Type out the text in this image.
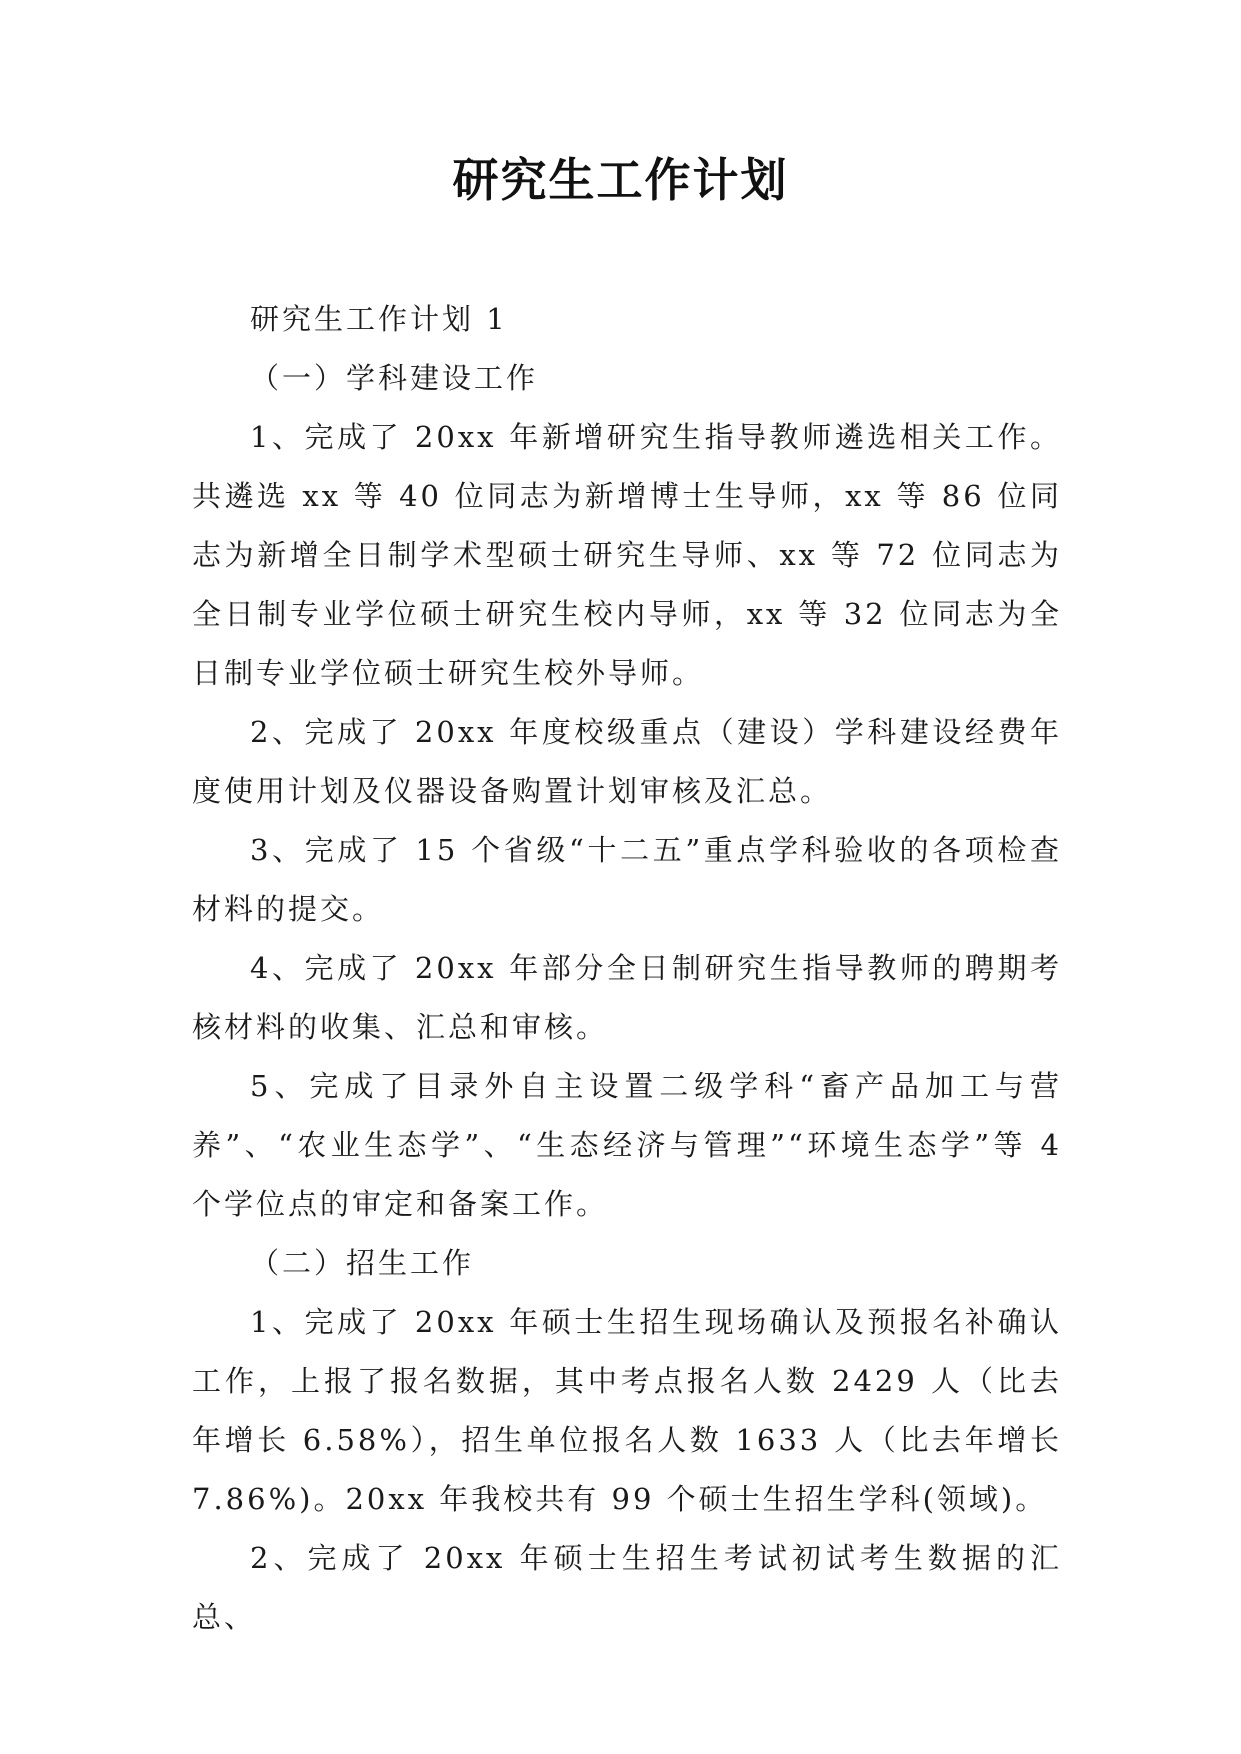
研究生工作计划

研究生工作计划 1

（一）学科建设工作

1、完成了 20xx 年新增研究生指导教师遴选相关工作。共遴选 xx 等 40 位同志为新增博士生导师，xx 等 86 位同志为新增全日制学术型硕士研究生导师、xx 等 72 位同志为全日制专业学位硕士研究生校内导师，xx 等 32 位同志为全日制专业学位硕士研究生校外导师。

2、完成了 20xx 年度校级重点（建设）学科建设经费年度使用计划及仪器设备购置计划审核及汇总。

3、完成了 15 个省级“十二五”重点学科验收的各项检查材料的提交。

4、完成了 20xx 年部分全日制研究生指导教师的聘期考核材料的收集、汇总和审核。

5、完成了目录外自主设置二级学科“畜产品加工与营养”、“农业生态学”、“生态经济与管理”“环境生态学”等 4 个学位点的审定和备案工作。

（二）招生工作

1、完成了 20xx 年硕士生招生现场确认及预报名补确认工作，上报了报名数据，其中考点报名人数 2429 人（比去年增长 6.58%），招生单位报名人数 1633 人（比去年增长 7.86%)。20xx 年我校共有 99 个硕士生招生学科(领域)。

2、完成了 20xx 年硕士生招生考试初试考生数据的汇总、
